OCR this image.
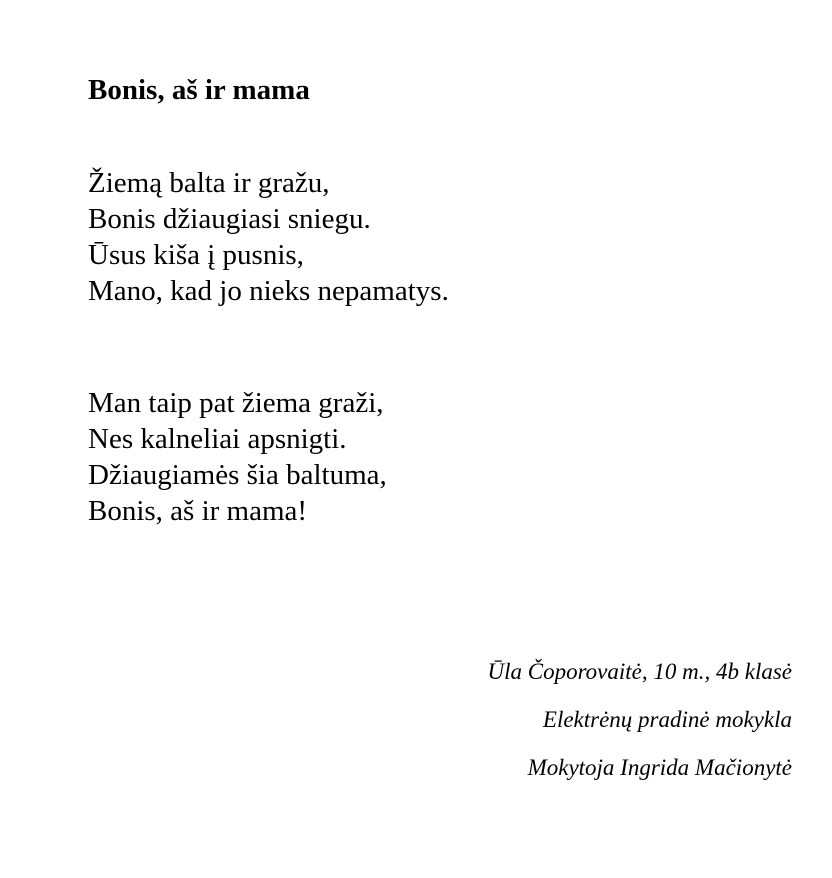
Bonis, aš ir mama
Žiemą balta ir gražu,
Bonis džiaugiasi sniegu.
Ūsus kiša į pusnis,
Mano, kad jo nieks nepamatys.
Man taip pat žiema graži,
Nes kalneliai apsnigti.
Džiaugiamės šia baltuma,
Bonis, aš ir mama!
Ūla Čoporovaitė, 10 m., 4b klasė
Elektrėnų pradinė mokykla
Mokytoja Ingrida Mačionytė
